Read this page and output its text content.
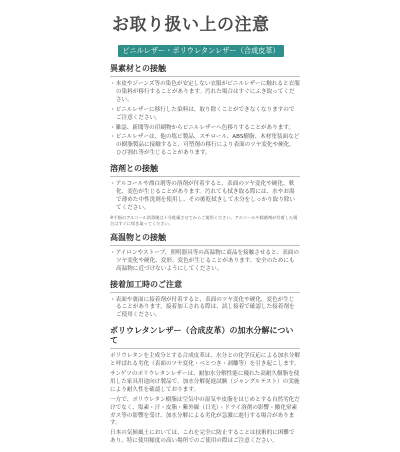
お取り扱い上の注意
ビニルレザー・ポリウレタンレザー（合成皮革）
異素材との接触
・ 本皮やジーンズ等の染色が安定しない衣服がビニルレザーに触れると衣服の染料が移行することがあります。汚れた場合はすぐにふき取ってください。
・ ビニルレザーに移行した染料は、取り除くことができなくなりますのでご注意ください。
・ 雑誌、新聞等の印刷物からビニルレザーへ色移りすることがあります。
・ ビニルレザーは、他の塩ビ製品、スチロール、ABS樹脂、木材塗装面などの樹脂製品に接触すると、可塑剤の移行により表面のツヤ変化や硬化、ひび割れ等が生じることがあります。
溶剤との接触
・ アルコールや漂白剤等の溶剤が付着すると、表面のツヤ変化や硬化、軟化、変色が生じることがあります。汚れても拭き取る際には、水やお湯で薄めた中性洗剤を使用し、その後乾拭きして水分をしっかり取り除いてください。

※手指のアルコール消毒後は十分乾燥させてからご使用ください。アルコールや除菌剤が付着した場合はすぐに拭き取ってください。

高温物との接触
・ アイロンやストーブ、照明器具等の高温物に商品を接触させると、表面のツヤ変化や硬化、変形、変色が生じることがあります。安全のためにも高温物に近づけないようにしてください。
接着加工時のご注意
・ 表面や裏面に接着剤が付着すると、表面のツヤ変化や硬化、変色が生じることがあります。接着加工される際は、試し接着で確認した接着剤をご使用ください。
ポリウレタンレザー（合成皮革）の加水分解について

ポリウレタンを主成分とする合成皮革は、水分との化学反応による加水分解と呼ばれる劣化（表面のツヤ変化・べとつき・剥離等）を引き起こします。

サンゲツのポリウレタンレザーは、耐加水分解性能に優れた高耐久樹脂を使用した家具用途向け製品で、加水分解促進試験（ジャングルテスト）の実施により耐久性を確認しております。

一方で、ポリウレタン樹脂は空気中の湿気や皮脂をはじめとする自然劣化だけでなく、塩素・汗・皮脂・紫外線（日光）・ドライ溶剤の影響・酸化窒素ガス等の影響を受け、加水分解による劣化が急激に進行する場合があります。

日本の気候風土においては、これを完全に防止することは技術的に困難であり、特に使用頻度の高い場所でのご使用の際はご注意ください。
